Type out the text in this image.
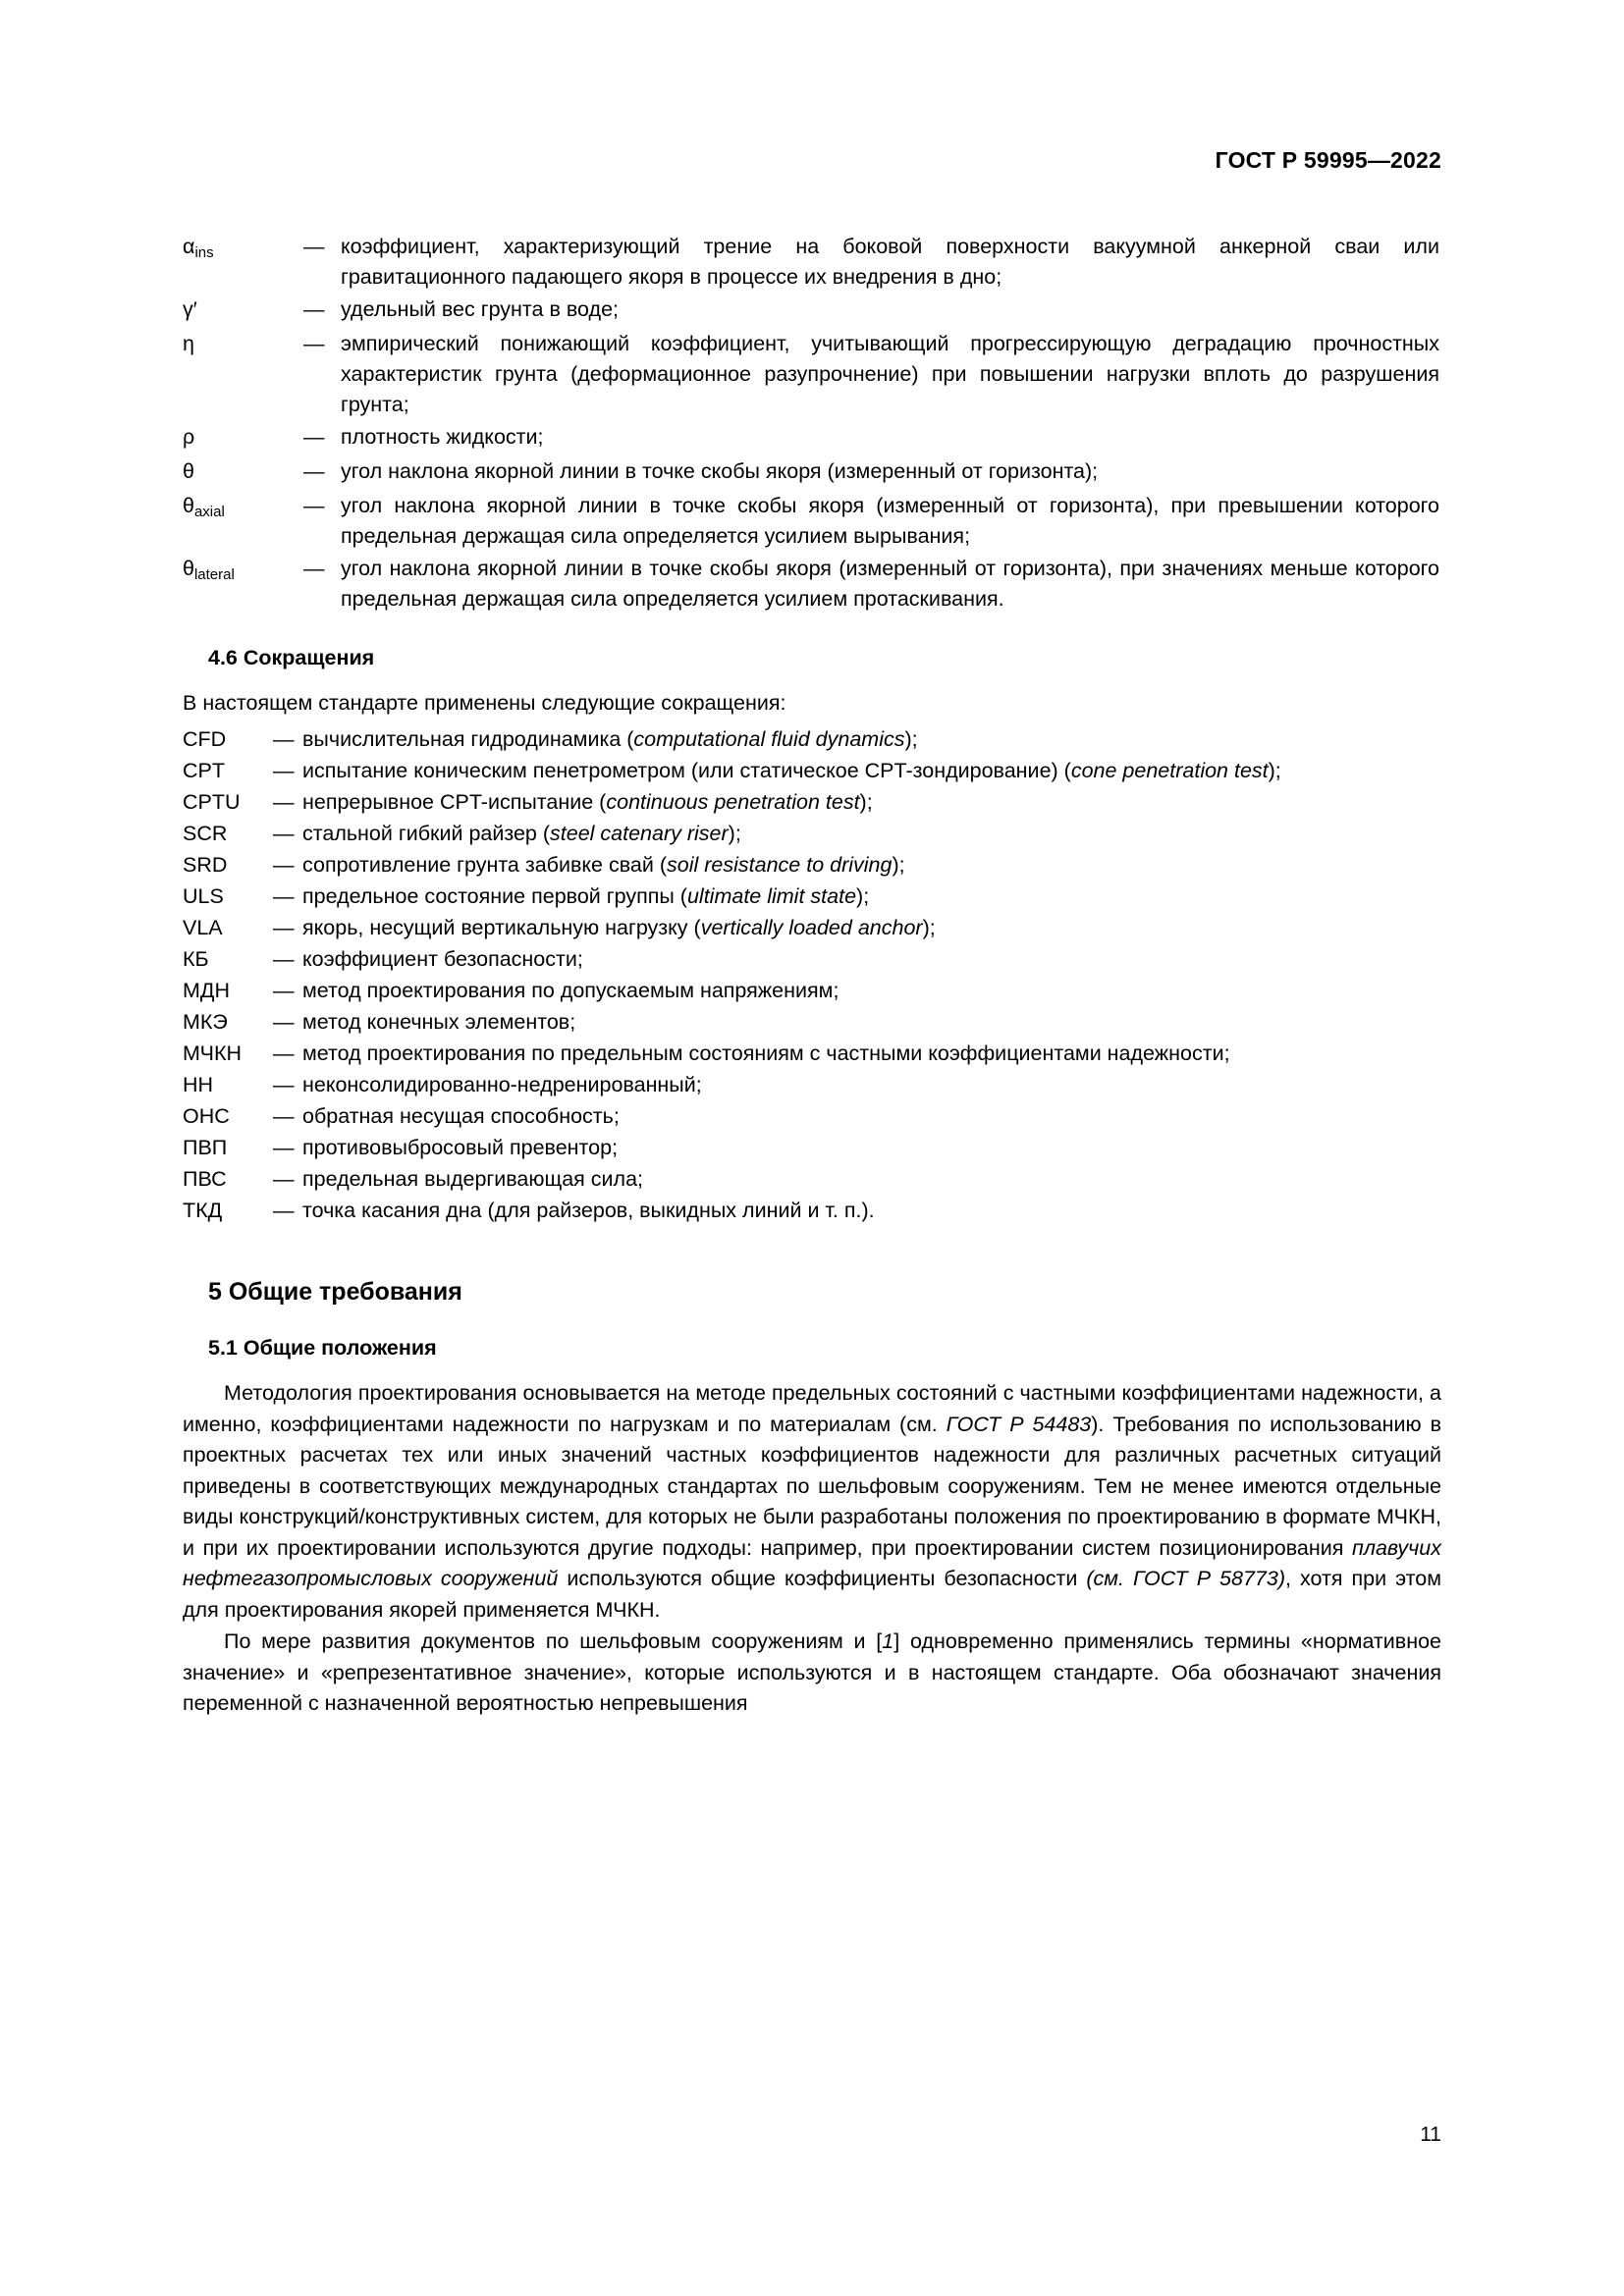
ГОСТ Р 59995—2022
αins	—	коэффициент, характеризующий трение на боковой поверхности вакуумной анкерной сваи или гравитационного падающего якоря в процессе их внедрения в дно;
γ′	—	удельный вес грунта в воде;
η	—	эмпирический понижающий коэффициент, учитывающий прогрессирующую деградацию прочностных характеристик грунта (деформационное разупрочнение) при повышении нагрузки вплоть до разрушения грунта;
ρ	—	плотность жидкости;
θ	—	угол наклона якорной линии в точке скобы якоря (измеренный от горизонта);
θaxial	—	угол наклона якорной линии в точке скобы якоря (измеренный от горизонта), при превышении которого предельная держащая сила определяется усилием вырывания;
θlateral	—	угол наклона якорной линии в точке скобы якоря (измеренный от горизонта), при значениях меньше которого предельная держащая сила определяется усилием протаскивания.
4.6 Сокращения

В настоящем стандарте применены следующие сокращения:

CFD	—	вычислительная гидродинамика (computational fluid dynamics);
CPT	—	испытание коническим пенетрометром (или статическое CPT-зондирование) (cone penetration test);
CPTU	—	непрерывное CPT-испытание (continuous penetration test);
SCR	—	стальной гибкий райзер (steel catenary riser);
SRD	—	сопротивление грунта забивке свай (soil resistance to driving);
ULS	—	предельное состояние первой группы (ultimate limit state);
VLA	—	якорь, несущий вертикальную нагрузку (vertically loaded anchor);
КБ	—	коэффициент безопасности;
МДН	—	метод проектирования по допускаемым напряжениям;
МКЭ	—	метод конечных элементов;
МЧКН	—	метод проектирования по предельным состояниям с частными коэффициентами надежности;
НН	—	неконсолидированно-недренированный;
ОНС	—	обратная несущая способность;
ПВП	—	противовыбросовый превентор;
ПВС	—	предельная выдергивающая сила;
ТКД	—	точка касания дна (для райзеров, выкидных линий и т. п.).
5 Общие требования
5.1 Общие положения

Методология проектирования основывается на методе предельных состояний с частными коэффициентами надежности, а именно, коэффициентами надежности по нагрузкам и по материалам (см. ГОСТ Р 54483). Требования по использованию в проектных расчетах тех или иных значений частных коэффициентов надежности для различных расчетных ситуаций приведены в соответствующих международных стандартах по шельфовым сооружениям. Тем не менее имеются отдельные виды конструкций/конструктивных систем, для которых не были разработаны положения по проектированию в формате МЧКН, и при их проектировании используются другие подходы: например, при проектировании систем позиционирования плавучих нефтегазопромысловых сооружений используются общие коэффициенты безопасности (см. ГОСТ Р 58773), хотя при этом для проектирования якорей применяется МЧКН.

По мере развития документов по шельфовым сооружениям и [1] одновременно применялись термины «нормативное значение» и «репрезентативное значение», которые используются и в настоящем стандарте. Оба обозначают значения переменной с назначенной вероятностью непревышения

11
